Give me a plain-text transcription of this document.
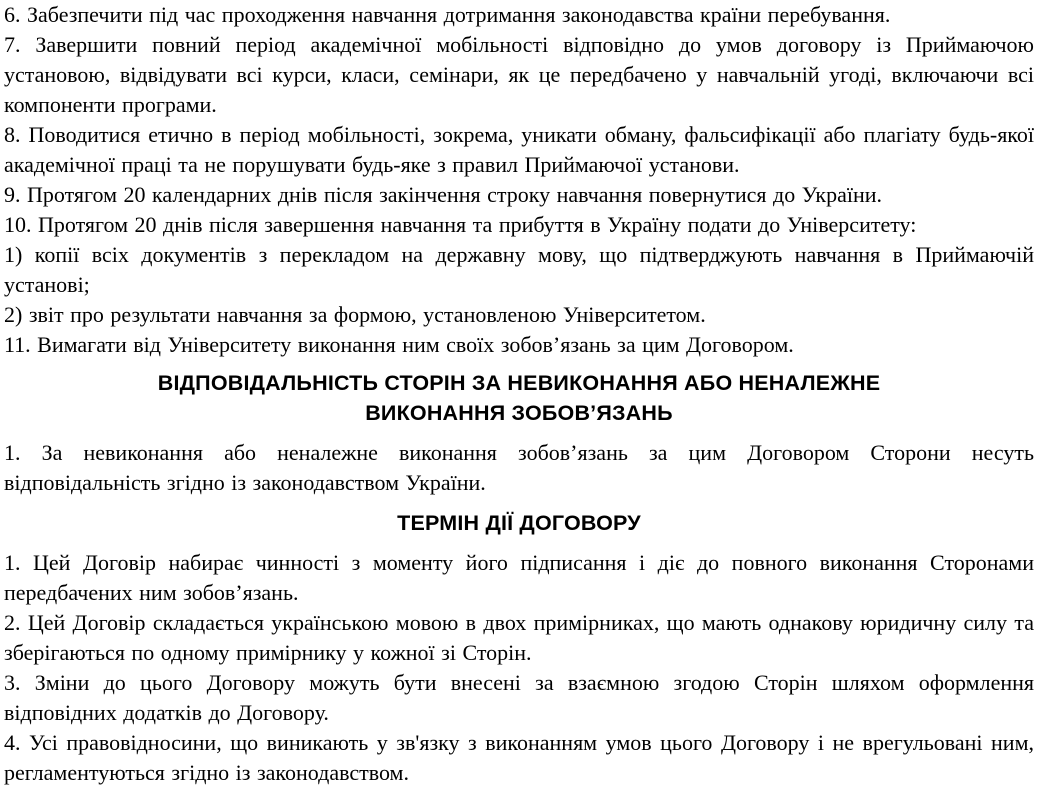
6. Забезпечити під час проходження навчання дотримання законодавства країни перебування.

7. Завершити повний період академічної мобільності відповідно до умов договору із Приймаючою установою, відвідувати всі курси, класи, семінари, як це передбачено у навчальній угоді, включаючи всі компоненти програми.

8. Поводитися етично в період мобільності, зокрема, уникати обману, фальсифікації або плагіату будь-якої академічної праці та не порушувати будь-яке з правил Приймаючої установи.

9. Протягом 20 календарних днів після закінчення строку навчання повернутися до України.

10. Протягом 20 днів після завершення навчання та прибуття в Україну подати до Університету:

1) копії всіх документів з перекладом на державну мову, що підтверджують навчання в Приймаючій установі;

2) звіт про результати навчання за формою, установленою Університетом.

11. Вимагати від Університету виконання ним своїх зобов’язань за цим Договором.

ВІДПОВІДАЛЬНІСТЬ СТОРІН ЗА НЕВИКОНАННЯ АБО НЕНАЛЕЖНЕ
ВИКОНАННЯ ЗОБОВ’ЯЗАНЬ

1. За невиконання або неналежне виконання зобов’язань за цим Договором Сторони несуть відповідальність згідно із законодавством України.

ТЕРМІН ДІЇ ДОГОВОРУ

1. Цей Договір набирає чинності з моменту його підписання і діє до повного виконання Сторонами передбачених ним зобов’язань.

2. Цей Договір складається українською мовою в двох примірниках, що мають однакову юридичну силу та зберігаються по одному примірнику у кожної зі Сторін.

3. Зміни до цього Договору можуть бути внесені за взаємною згодою Сторін шляхом оформлення відповідних додатків до Договору.

4. Усі правовідносини, що виникають у зв'язку з виконанням умов цього Договору і не врегульовані ним, регламентуються згідно із законодавством.
